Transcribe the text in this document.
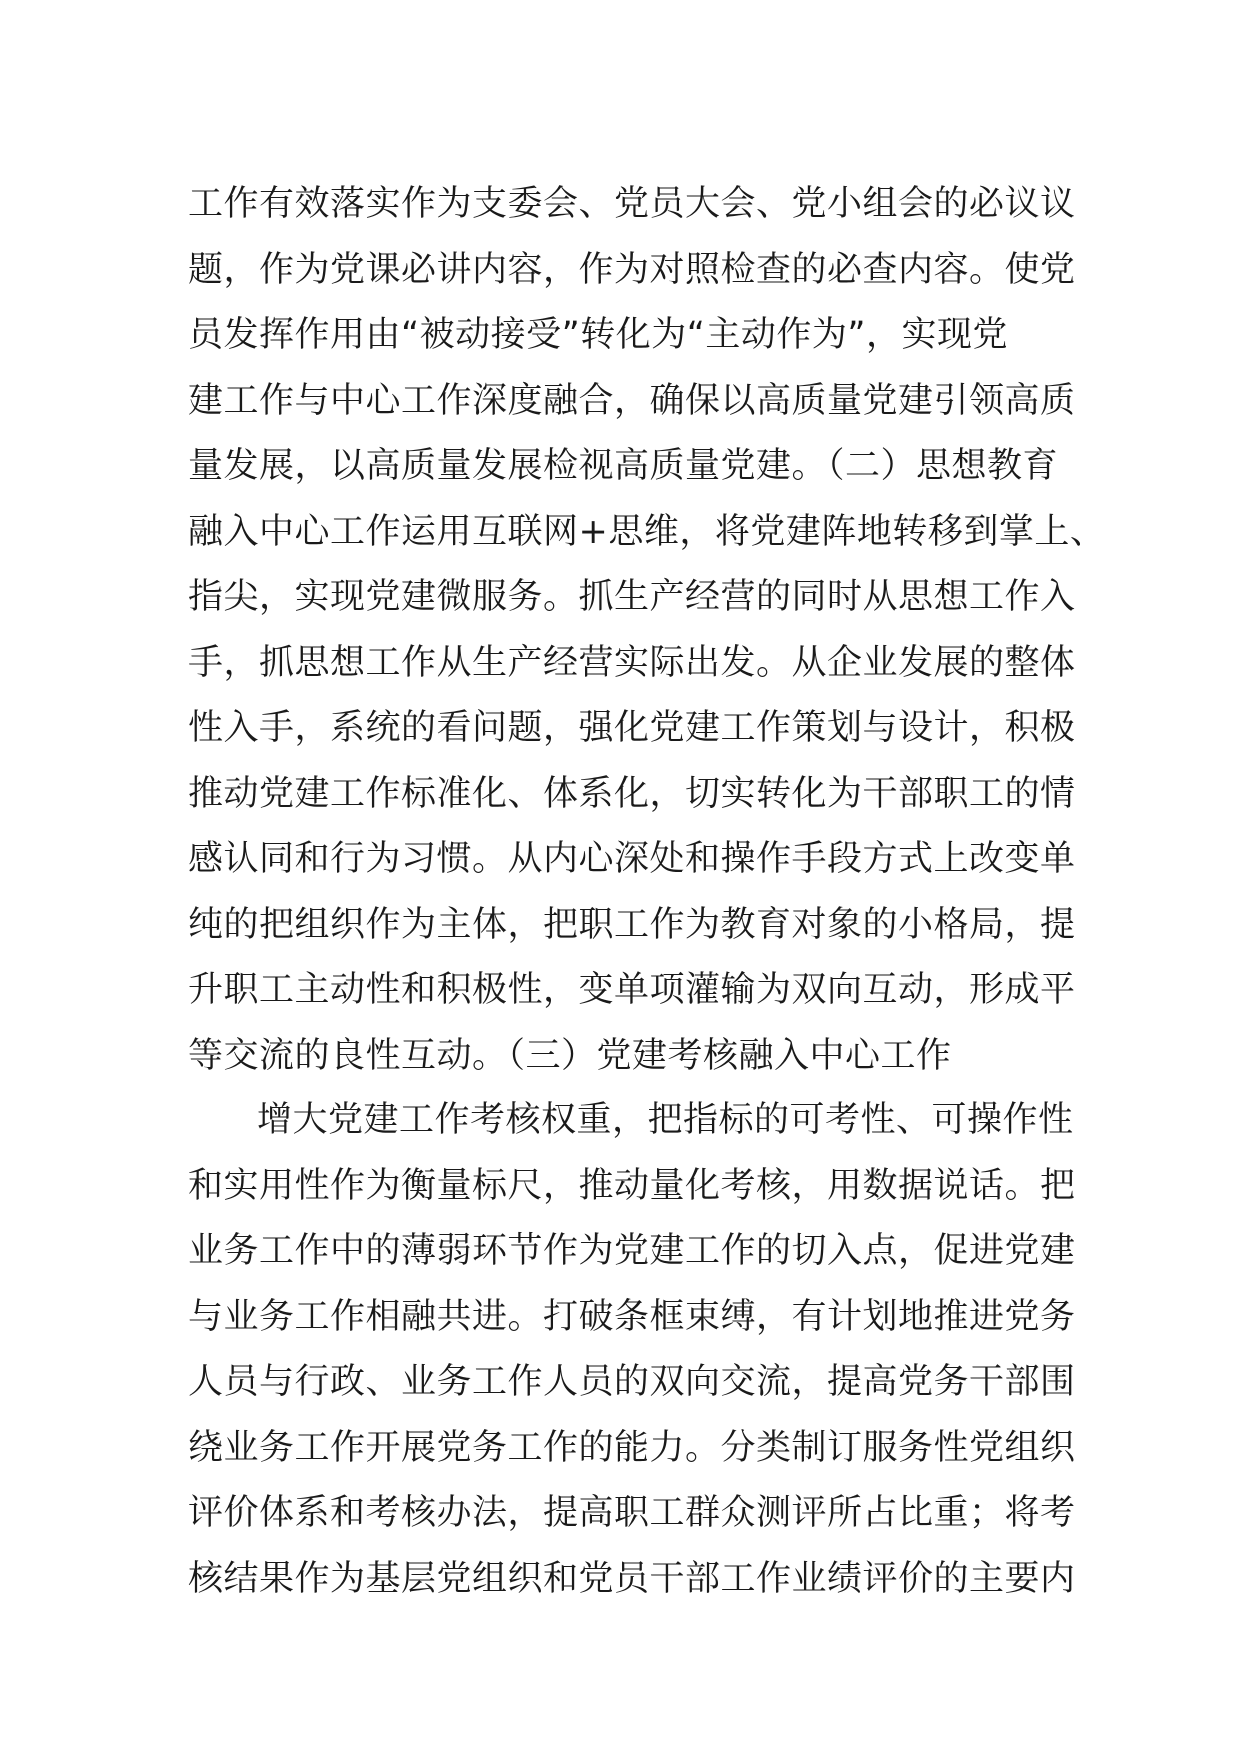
工作有效落实作为支委会、党员大会、党小组会的必议议
题，作为党课必讲内容，作为对照检查的必查内容。使党
员发挥作用由“被动接受”转化为“主动作为”，实现党
建工作与中心工作深度融合，确保以高质量党建引领高质
量发展，以高质量发展检视高质量党建。（二）思想教育
融入中心工作运用互联网+思维，将党建阵地转移到掌上、
指尖，实现党建微服务。抓生产经营的同时从思想工作入
手，抓思想工作从生产经营实际出发。从企业发展的整体
性入手，系统的看问题，强化党建工作策划与设计，积极
推动党建工作标准化、体系化，切实转化为干部职工的情
感认同和行为习惯。从内心深处和操作手段方式上改变单
纯的把组织作为主体，把职工作为教育对象的小格局，提
升职工主动性和积极性，变单项灌输为双向互动，形成平
等交流的良性互动。（三）党建考核融入中心工作
增大党建工作考核权重，把指标的可考性、可操作性
和实用性作为衡量标尺，推动量化考核，用数据说话。把
业务工作中的薄弱环节作为党建工作的切入点，促进党建
与业务工作相融共进。打破条框束缚，有计划地推进党务
人员与行政、业务工作人员的双向交流，提高党务干部围
绕业务工作开展党务工作的能力。分类制订服务性党组织
评价体系和考核办法，提高职工群众测评所占比重；将考
核结果作为基层党组织和党员干部工作业绩评价的主要内
